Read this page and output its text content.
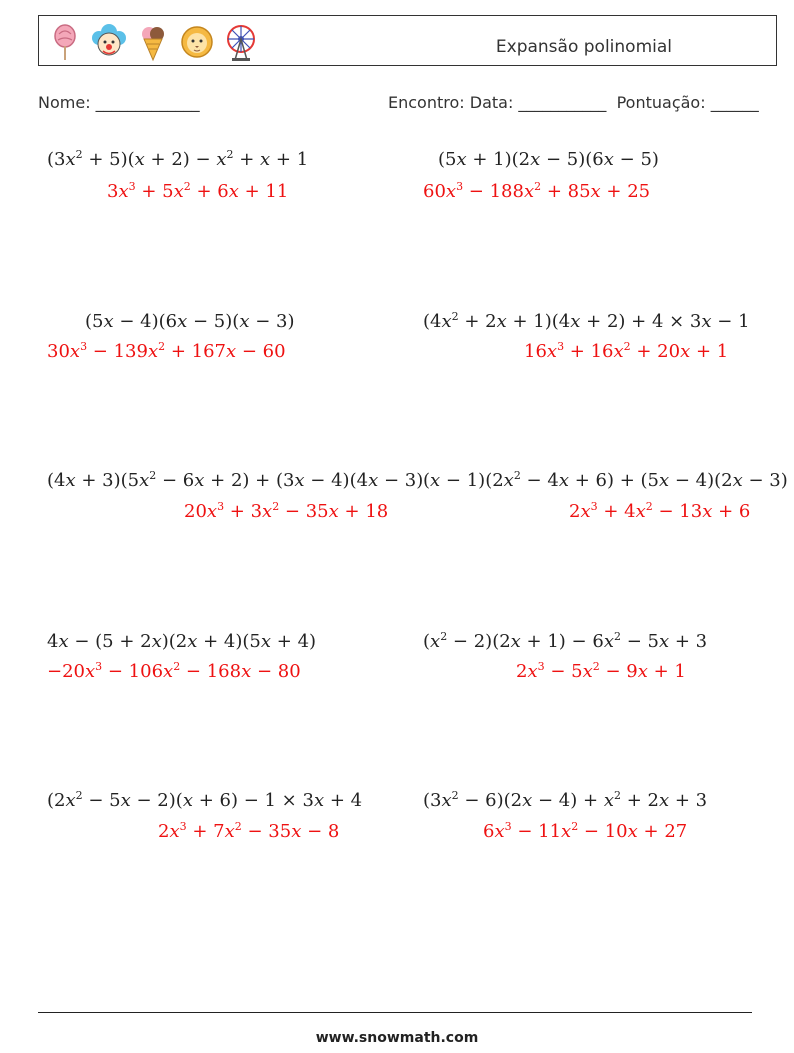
Expansão polinomial
Nome: _____________	Encontro: Data: ___________  Pontuação: ______
$(3x^2 + 5)(x + 2) - x^2 + x + 1$
$3x^3 + 5x^2 + 6x + 11$
(5x + 1)(2x − 5)(6x − 5)
$60x^3 - 188x^2 + 85x + 25$
(5x − 4)(6x − 5)(x − 3)
$30x^3 - 139x^2 + 167x - 60$
$(4x^2 + 2x + 1)(4x + 2) + 4 \times 3x - 1$
$16x^3 + 16x^2 + 20x + 1$
$(4x + 3)(5x^2 - 6x + 2) + (3x - 4)(4x - 3)$
$20x^3 + 3x^2 - 35x + 18$
$(x - 1)(2x^2 - 4x + 6) + (5x - 4)(2x - 3)$
$2x^3 + 4x^2 - 13x + 6$
4x − (5 + 2x)(2x + 4)(5x + 4)
$-20x^3 - 106x^2 - 168x - 80$
$(x^2 - 2)(2x + 1) - 6x^2 - 5x + 3$
$2x^3 - 5x^2 - 9x + 1$
$(2x^2 - 5x - 2)(x + 6) - 1 \times 3x + 4$
$2x^3 + 7x^2 - 35x - 8$
$(3x^2 - 6)(2x - 4) + x^2 + 2x + 3$
$6x^3 - 11x^2 - 10x + 27$
www.snowmath.com
